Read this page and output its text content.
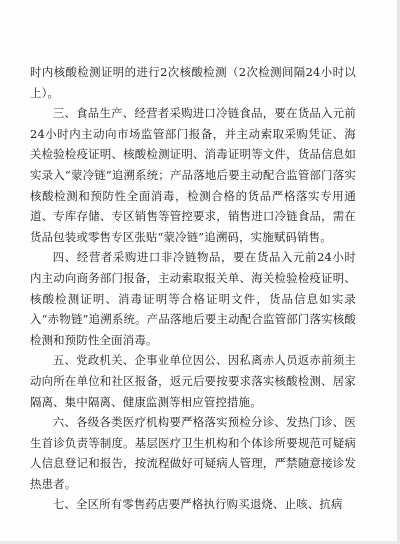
时内核酸检测证明的进行2次核酸检测（2次检测间隔24小时以上）。

三、食品生产、经营者采购进口冷链食品，要在货品入元前24小时内主动向市场监管部门报备，并主动索取采购凭证、海关检验检疫证明、核酸检测证明、消毒证明等文件，货品信息如实录入“蒙冷链”追溯系统；产品落地后要主动配合监管部门落实核酸检测和预防性全面消毒，检测合格的货品严格落实专用通道、专库存储、专区销售等管控要求，销售进口冷链食品，需在货品包装或零售专区张贴“蒙冷链”追溯码，实施赋码销售。

四、经营者采购进口非冷链物品，要在货品入元前24小时内主动向商务部门报备，主动索取报关单、海关检验检疫证明、核酸检测证明、消毒证明等合格证明文件，货品信息如实录入“赤物链”追溯系统。产品落地后要主动配合监管部门落实核酸检测和预防性全面消毒。

五、党政机关、企事业单位因公、因私离赤人员返赤前须主动向所在单位和社区报备，返元后要按要求落实核酸检测、居家隔离、集中隔离、健康监测等相应管控措施。

六、各级各类医疗机构要严格落实预检分诊、发热门诊、医生首诊负责等制度。基层医疗卫生机构和个体诊所要规范可疑病人信息登记和报告，按流程做好可疑病人管理，严禁随意接诊发热患者。

七、全区所有零售药店要严格执行购买退烧、止咳、抗病
